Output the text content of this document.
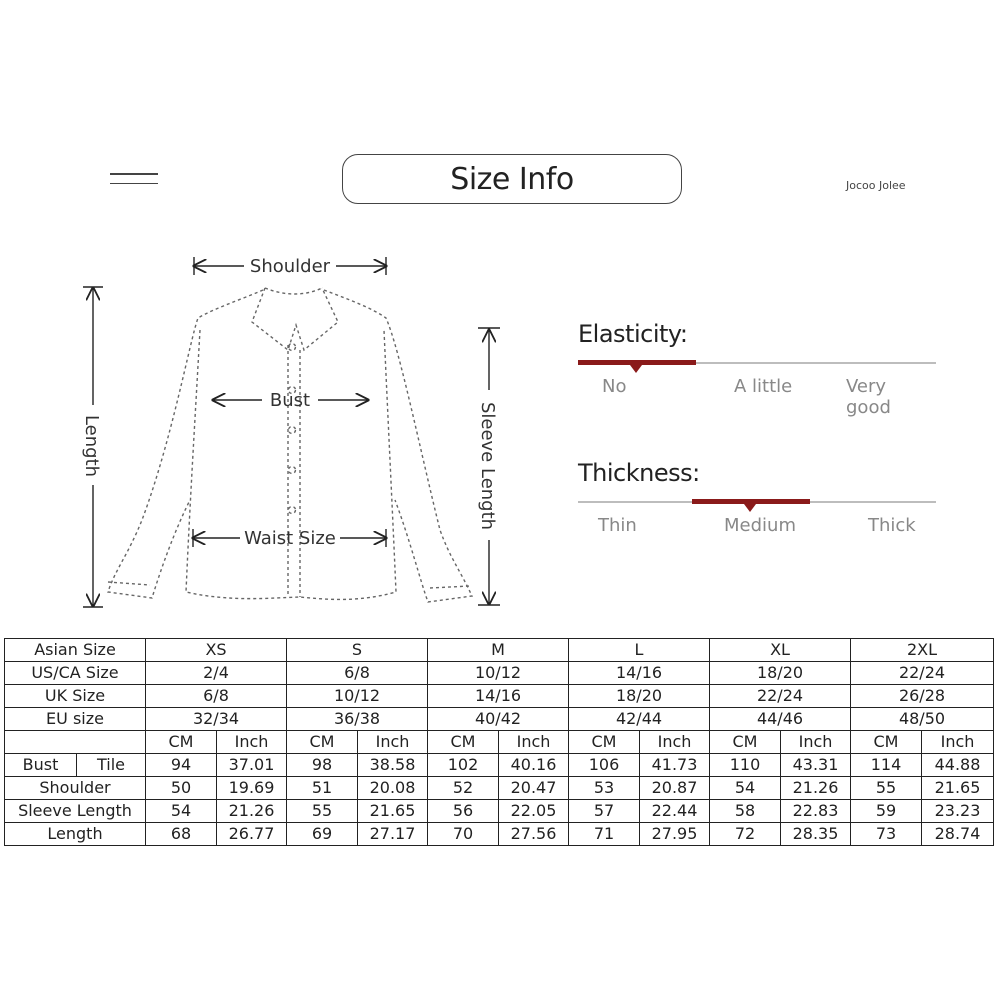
Size Info	Jocoo Jolee
Shoulder
Bust
Waist Size
Length	Sleeve Length
Elasticity:
No	A little	Very good
Thickness:
Thin	Medium	Thick
Asian Size		XS		S		M		L		XL		2XL	
US/CA Size		2/4		6/8		10/12		14/16		18/20		22/24	
UK Size		6/8		10/12		14/16		18/20		22/24		26/28	
EU size		32/34		36/38		40/42		42/44		44/46		48/50	
		CM	Inch	CM	Inch	CM	Inch	CM	Inch	CM	Inch	CM	Inch
Bust	Tile	94	37.01	98	38.58	102	40.16	106	41.73	110	43.31	114	44.88
Shoulder		50	19.69	51	20.08	52	20.47	53	20.87	54	21.26	55	21.65
Sleeve Length		54	21.26	55	21.65	56	22.05	57	22.44	58	22.83	59	23.23
Length		68	26.77	69	27.17	70	27.56	71	27.95	72	28.35	73	28.74
